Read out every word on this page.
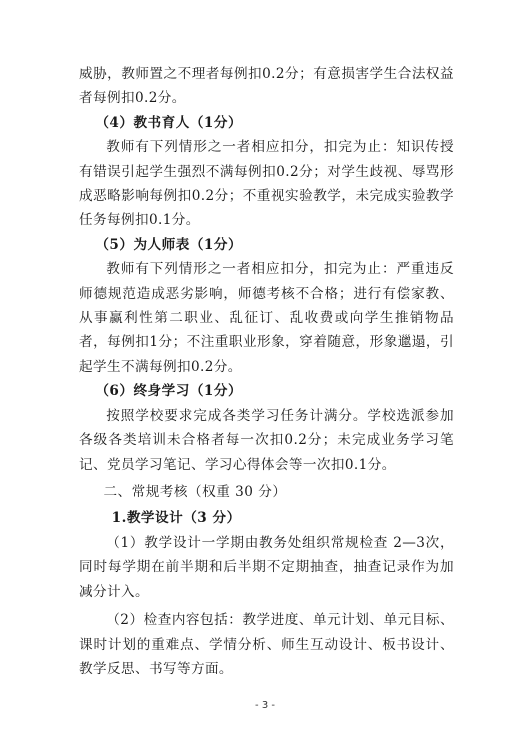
威胁，教师置之不理者每例扣0.2分；有意损害学生合法权益者每例扣0.2分。

（4）教书育人（1分）

教师有下列情形之一者相应扣分，扣完为止：知识传授有错误引起学生强烈不满每例扣0.2分；对学生歧视、辱骂形成恶略影响每例扣0.2分；不重视实验教学，未完成实验教学任务每例扣0.1分。

（5）为人师表（1分）

教师有下列情形之一者相应扣分，扣完为止：严重违反师德规范造成恶劣影响，师德考核不合格；进行有偿家教、从事赢利性第二职业、乱征订、乱收费或向学生推销物品者，每例扣1分；不注重职业形象，穿着随意，形象邋遢，引起学生不满每例扣0.2分。

（6）终身学习（1分）

按照学校要求完成各类学习任务计满分。学校选派参加各级各类培训未合格者每一次扣0.2分；未完成业务学习笔记、党员学习笔记、学习心得体会等一次扣0.1分。

二、常规考核（权重 30 分）

1.教学设计（3 分）

（1）教学设计一学期由教务处组织常规检查 2—3次，同时每学期在前半期和后半期不定期抽查，抽查记录作为加减分计入。

（2）检查内容包括：教学进度、单元计划、单元目标、课时计划的重难点、学情分析、师生互动设计、板书设计、教学反思、书写等方面。

- 3 -
